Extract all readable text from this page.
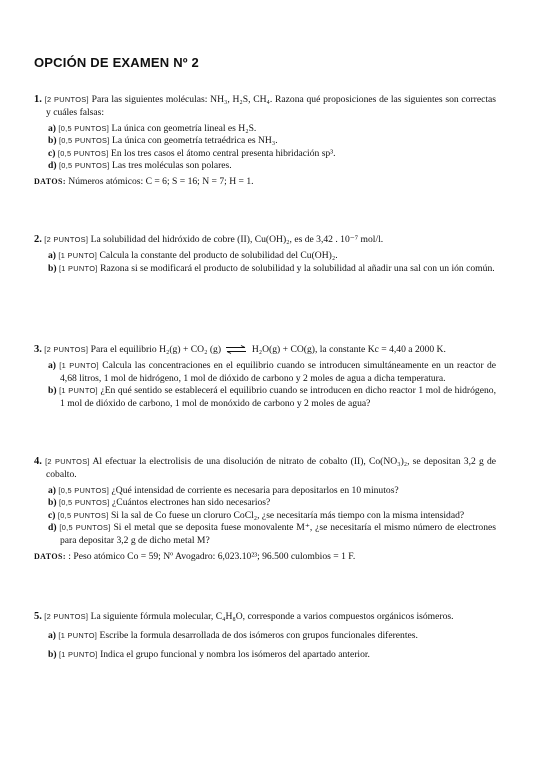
OPCIÓN DE EXAMEN Nº 2
1. [2 PUNTOS] Para las siguientes moléculas: NH₃, H₂S, CH₄. Razona qué proposiciones de las siguientes son correctas y cuáles falsas:
a) [0,5 PUNTOS] La única con geometría lineal es H₂S.
b) [0,5 PUNTOS] La única con geometría tetraédrica es NH₃.
c) [0,5 PUNTOS] En los tres casos el átomo central presenta hibridación sp³.
d) [0,5 PUNTOS] Las tres moléculas son polares.
DATOS: Números atómicos: C = 6; S = 16; N = 7; H = 1.
2. [2 PUNTOS] La solubilidad del hidróxido de cobre (II), Cu(OH)₂, es de 3,42 . 10⁻⁷ mol/l.
a) [1 PUNTO] Calcula la constante del producto de solubilidad del Cu(OH)₂.
b) [1 PUNTO] Razona si se modificará el producto de solubilidad y la solubilidad al añadir una sal con un ión común.
3. [2 PUNTOS] Para el equilibrio H₂(g) + CO₂ (g) ⇌ H₂O(g) + CO(g), la constante Kc = 4,40 a 2000 K.
a) [1 PUNTO] Calcula las concentraciones en el equilibrio cuando se introducen simultáneamente en un reactor de 4,68 litros, 1 mol de hidrógeno, 1 mol de dióxido de carbono y 2 moles de agua a dicha temperatura.
b) [1 PUNTO] ¿En qué sentido se establecerá el equilibrio cuando se introducen en dicho reactor 1 mol de hidrógeno, 1 mol de dióxido de carbono, 1 mol de monóxido de carbono y 2 moles de agua?
4. [2 PUNTOS] Al efectuar la electrolisis de una disolución de nitrato de cobalto (II), Co(NO₃)₂, se depositan 3,2 g de cobalto.
a) [0,5 PUNTOS] ¿Qué intensidad de corriente es necesaria para depositarlos en 10 minutos?
b) [0,5 PUNTOS] ¿Cuántos electrones han sido necesarios?
c) [0,5 PUNTOS] Si la sal de Co fuese un cloruro CoCl₂, ¿se necesitaría más tiempo con la misma intensidad?
d) [0,5 PUNTOS] Si el metal que se deposita fuese monovalente M⁺, ¿se necesitaría el mismo número de electrones para depositar 3,2 g de dicho metal M?
DATOS: : Peso atómico Co = 59; Nº Avogadro: 6,023.10²³; 96.500 culombios = 1 F.
5. [2 PUNTOS] La siguiente fórmula molecular, C₄H₈O, corresponde a varios compuestos orgánicos isómeros.
a) [1 PUNTO] Escribe la formula desarrollada de dos isómeros con grupos funcionales diferentes.
b) [1 PUNTO] Indica el grupo funcional y nombra los isómeros del apartado anterior.
